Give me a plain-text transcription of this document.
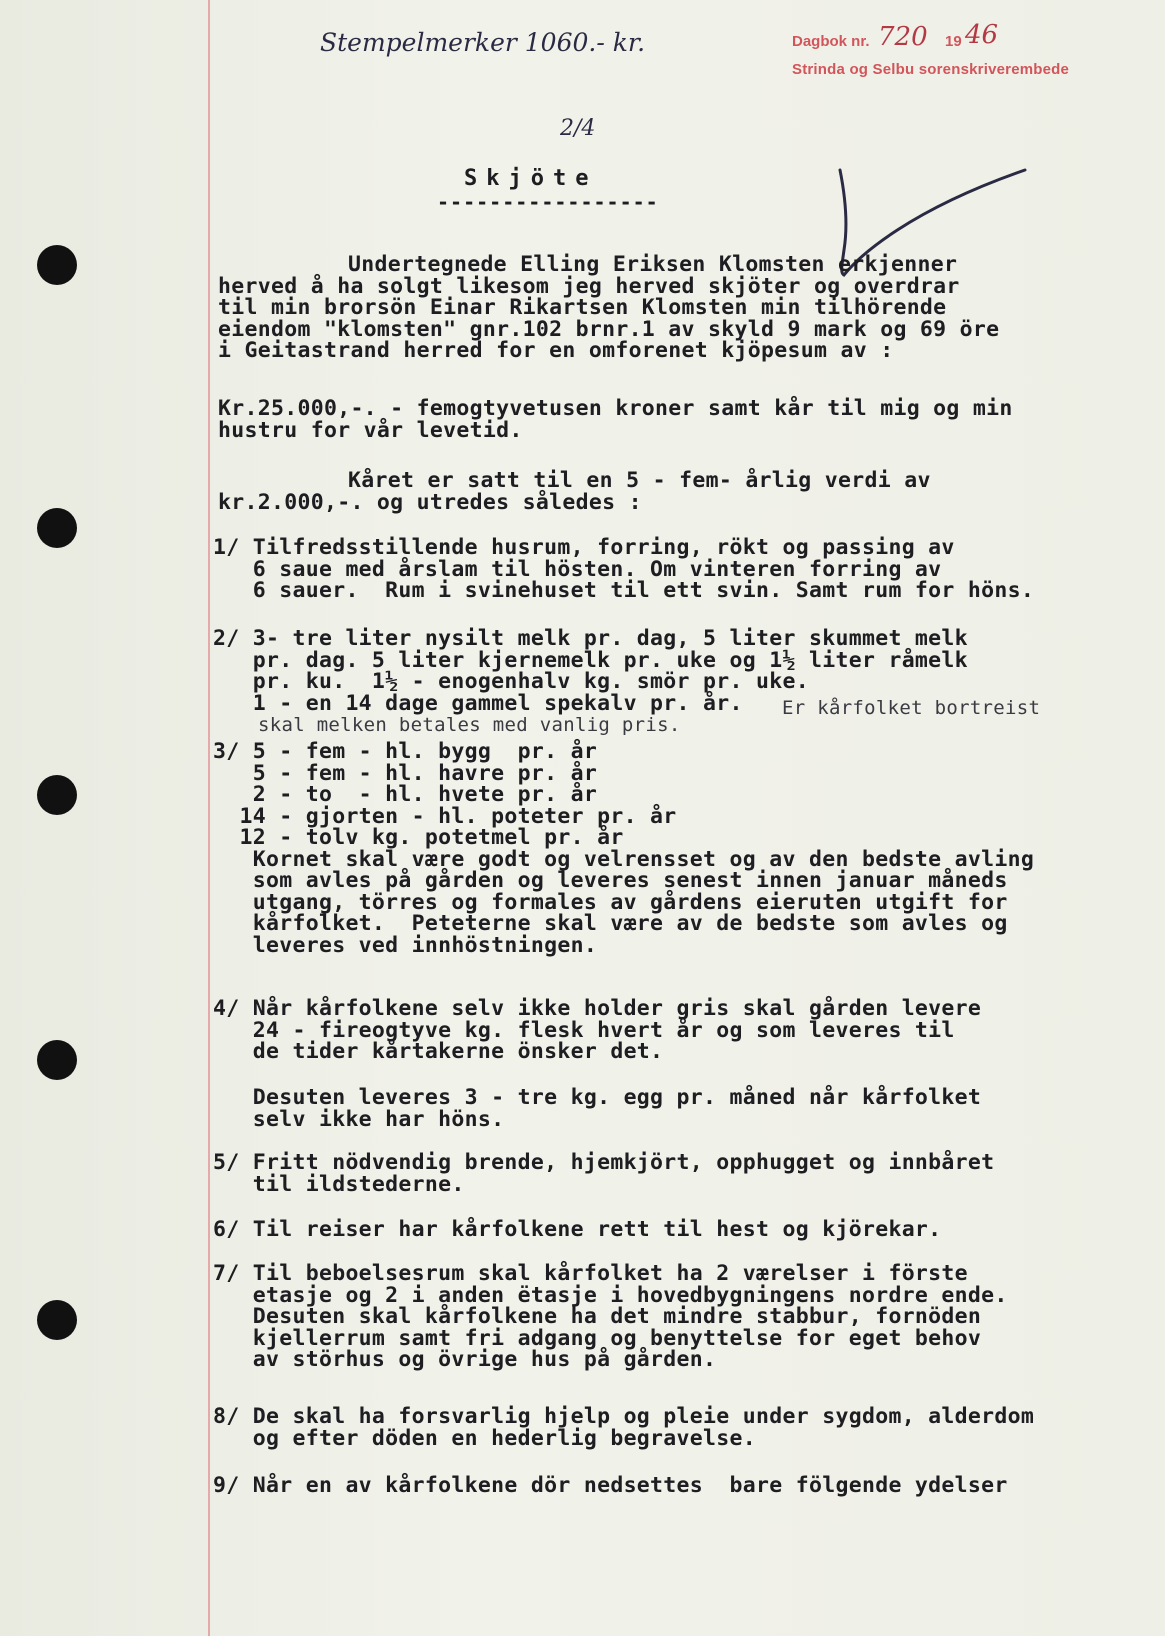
Stempelmerker 1060.- kr.	Dagbok nr. 720 19 46
Strinda og Selbu sorenskriverembede
2/4
Skjöte
-----------------
Undertegnede Elling Eriksen Klomsten erkjenner
herved å ha solgt likesom jeg herved skjöter og overdrar
til min brorsön Einar Rikartsen Klomsten min tilhörende
eiendom "klomsten" gnr.102 brnr.1 av skyld 9 mark og 69 öre
i Geitastrand herred for en omforenet kjöpesum av :
Kr.25.000,-. - femogtyvetusen kroner samt kår til mig og min
hustru for vår levetid.
Kåret er satt til en 5 - fem- årlig verdi av
kr.2.000,-. og utredes således :
1/ Tilfredsstillende husrum, forring, rökt og passing av
6 saue med årslam til hösten. Om vinteren forring av
6 sauer.  Rum i svinehuset til ett svin. Samt rum for höns.
2/ 3- tre liter nysilt melk pr. dag, 5 liter skummet melk
pr. dag. 5 liter kjernemelk pr. uke og 1½ liter råmelk
pr. ku.  1½ - enogenhalv kg. smör pr. uke.
1 - en 14 dage gammel spekalv pr. år.
3/ 5 - fem - hl. bygg  pr. år
5 - fem - hl. havre pr. år
2 - to  - hl. hvete pr. år
14 - gjorten - hl. poteter pr. år
12 - tolv kg. potetmel pr. år
Kornet skal være godt og velrensset og av den bedste avling
som avles på gården og leveres senest innen januar måneds
utgang, törres og formales av gårdens eieruten utgift for
kårfolket.  Peteterne skal være av de bedste som avles og
leveres ved innhöstningen.
4/ Når kårfolkene selv ikke holder gris skal gården levere
24 - fireogtyve kg. flesk hvert år og som leveres til
de tider kårtakerne önsker det.
Desuten leveres 3 - tre kg. egg pr. måned når kårfolket
selv ikke har höns.
5/ Fritt nödvendig brende, hjemkjört, opphugget og innbåret
til ildstederne.
6/ Til reiser har kårfolkene rett til hest og kjörekar.
7/ Til beboelsesrum skal kårfolket ha 2 værelser i förste
etasje og 2 i anden ëtasje i hovedbygningens nordre ende.
Desuten skal kårfolkene ha det mindre stabbur, fornöden
kjellerrum samt fri adgang og benyttelse for eget behov
av störhus og övrige hus på gården.
8/ De skal ha forsvarlig hjelp og pleie under sygdom, alderdom
og efter döden en hederlig begravelse.
9/ Når en av kårfolkene dör nedsettes  bare fölgende ydelser
Er kårfolket bortreist
skal melken betales med vanlig pris.
